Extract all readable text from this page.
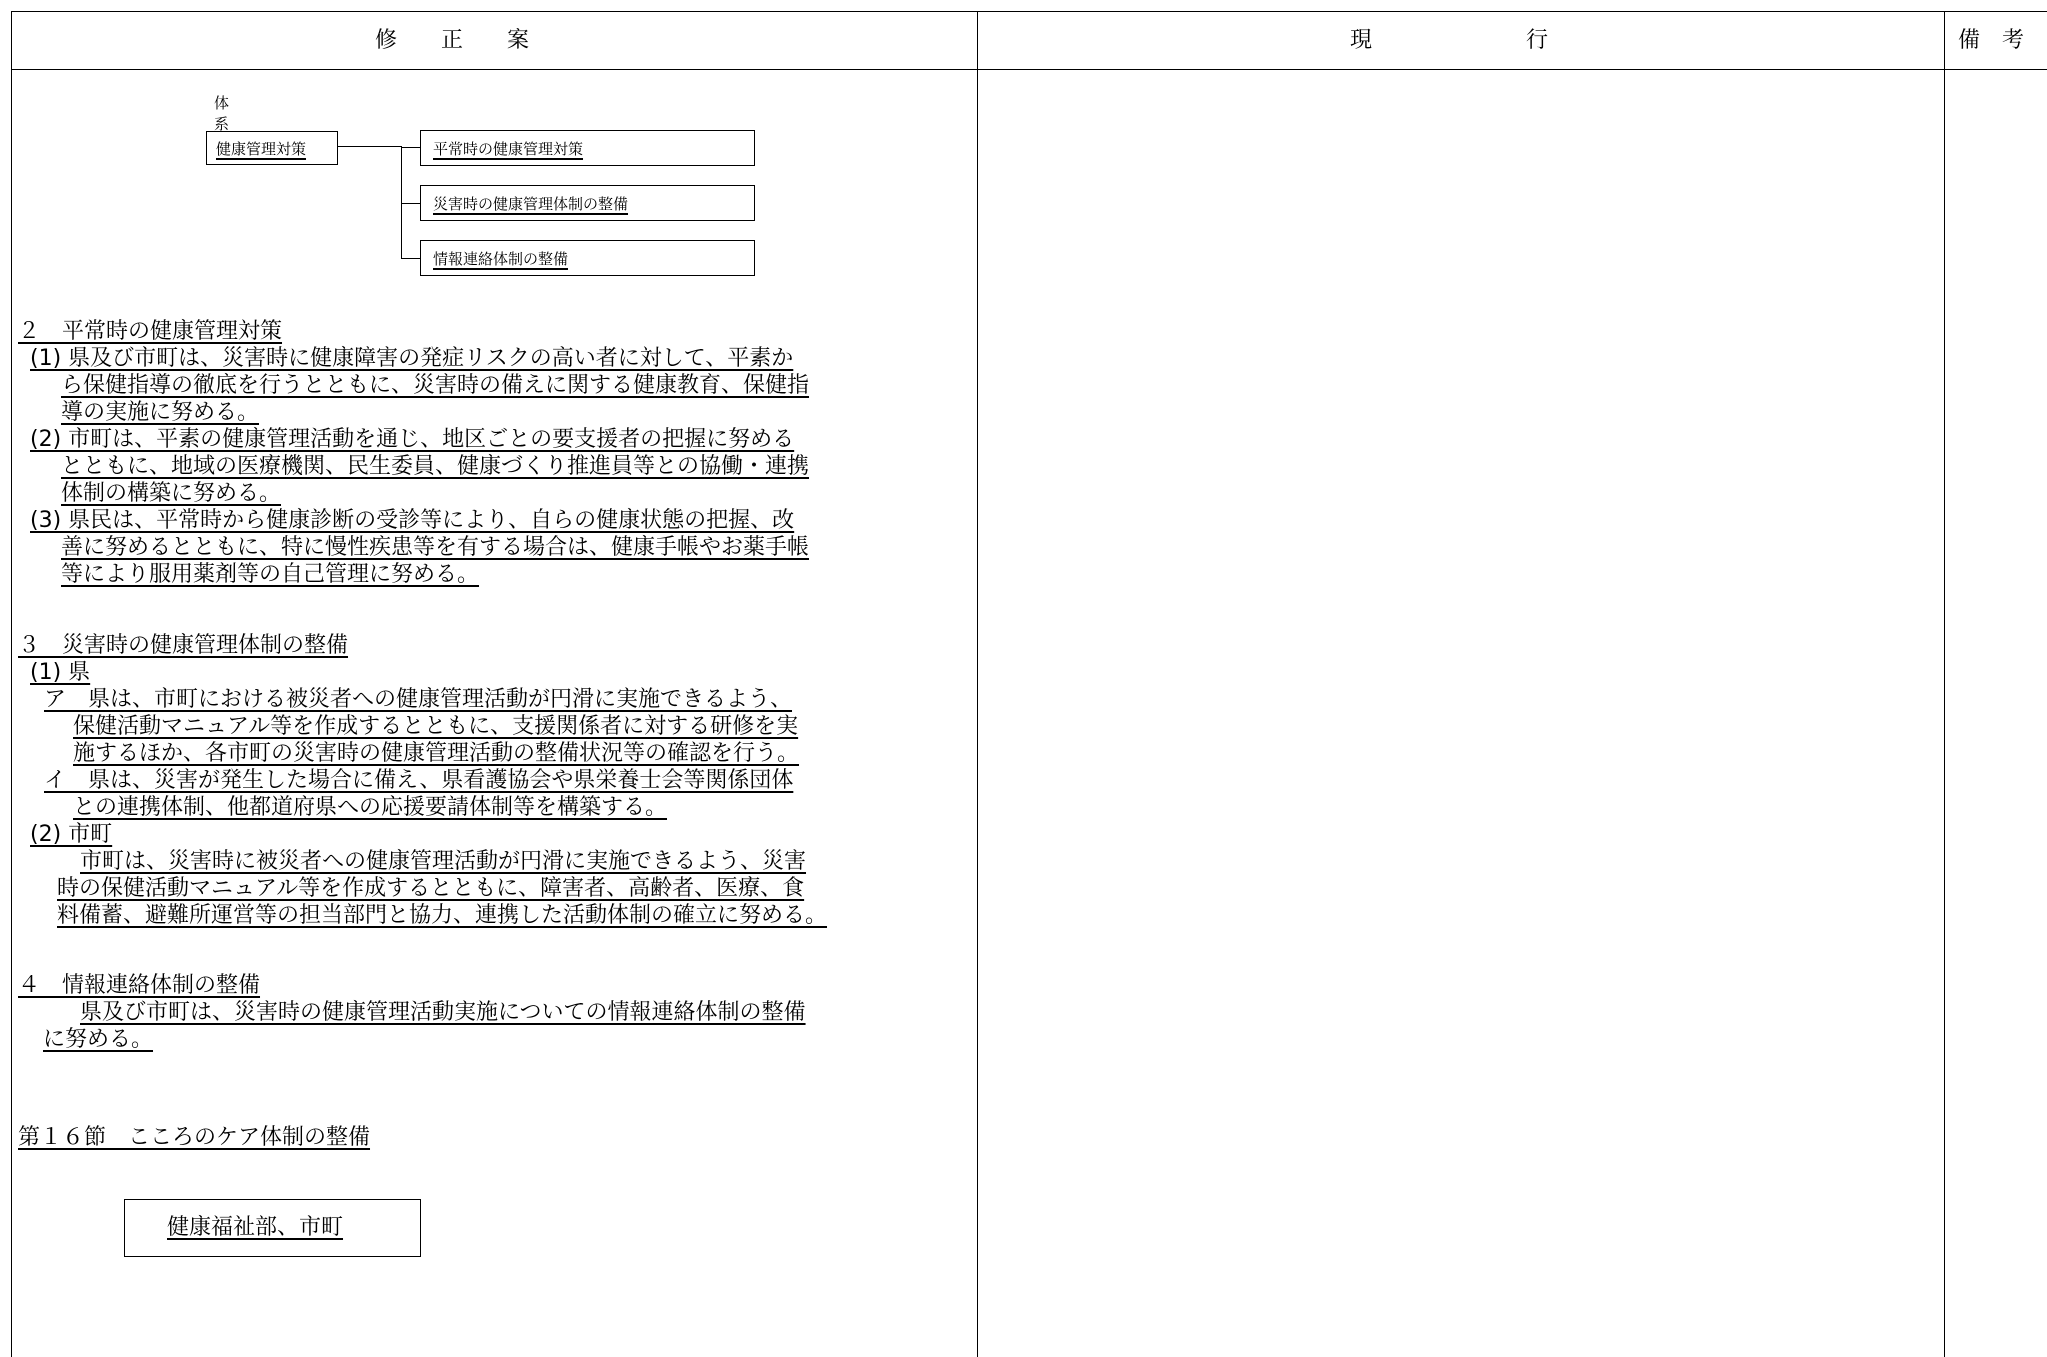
修　　正　　案	現　　　　　　　行	備　考
体系
健康管理対策	平常時の健康管理対策
災害時の健康管理体制の整備
情報連絡体制の整備
２　平常時の健康管理対策
(1) 県及び市町は、災害時に健康障害の発症リスクの高い者に対して、平素か
ら保健指導の徹底を行うとともに、災害時の備えに関する健康教育、保健指
導の実施に努める。
(2) 市町は、平素の健康管理活動を通じ、地区ごとの要支援者の把握に努める
とともに、地域の医療機関、民生委員、健康づくり推進員等との協働・連携
体制の構築に努める。
(3) 県民は、平常時から健康診断の受診等により、自らの健康状態の把握、改
善に努めるとともに、特に慢性疾患等を有する場合は、健康手帳やお薬手帳
等により服用薬剤等の自己管理に努める。
３　災害時の健康管理体制の整備
(1) 県
ア　県は、市町における被災者への健康管理活動が円滑に実施できるよう、
保健活動マニュアル等を作成するとともに、支援関係者に対する研修を実
施するほか、各市町の災害時の健康管理活動の整備状況等の確認を行う。
イ　県は、災害が発生した場合に備え、県看護協会や県栄養士会等関係団体
との連携体制、他都道府県への応援要請体制等を構築する。
(2) 市町
市町は、災害時に被災者への健康管理活動が円滑に実施できるよう、災害
時の保健活動マニュアル等を作成するとともに、障害者、高齢者、医療、食
料備蓄、避難所運営等の担当部門と協力、連携した活動体制の確立に努める。
４　情報連絡体制の整備
県及び市町は、災害時の健康管理活動実施についての情報連絡体制の整備
に努める。
第１６節　こころのケア体制の整備
健康福祉部、市町
